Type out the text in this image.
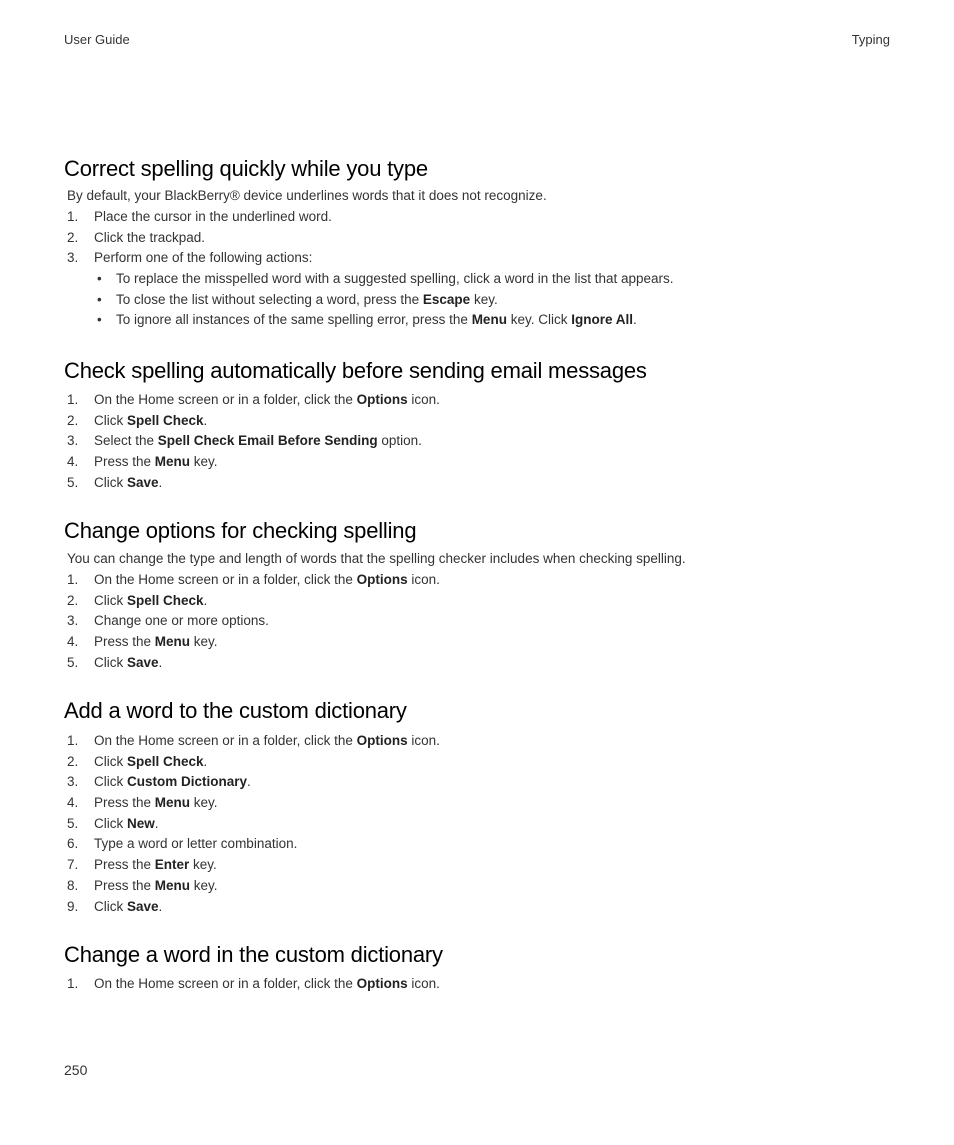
User Guide	Typing
Correct spelling quickly while you type

By default, your BlackBerry® device underlines words that it does not recognize.

1. Place the cursor in the underlined word.
2. Click the trackpad.
3. Perform one of the following actions:
• To replace the misspelled word with a suggested spelling, click a word in the list that appears.
• To close the list without selecting a word, press the Escape key.
• To ignore all instances of the same spelling error, press the Menu key. Click Ignore All.
Check spelling automatically before sending email messages
1. On the Home screen or in a folder, click the Options icon.
2. Click Spell Check.
3. Select the Spell Check Email Before Sending option.
4. Press the Menu key.
5. Click Save.
Change options for checking spelling

You can change the type and length of words that the spelling checker includes when checking spelling.

1. On the Home screen or in a folder, click the Options icon.
2. Click Spell Check.
3. Change one or more options.
4. Press the Menu key.
5. Click Save.
Add a word to the custom dictionary
1. On the Home screen or in a folder, click the Options icon.
2. Click Spell Check.
3. Click Custom Dictionary.
4. Press the Menu key.
5. Click New.
6. Type a word or letter combination.
7. Press the Enter key.
8. Press the Menu key.
9. Click Save.
Change a word in the custom dictionary
1. On the Home screen or in a folder, click the Options icon.
250
